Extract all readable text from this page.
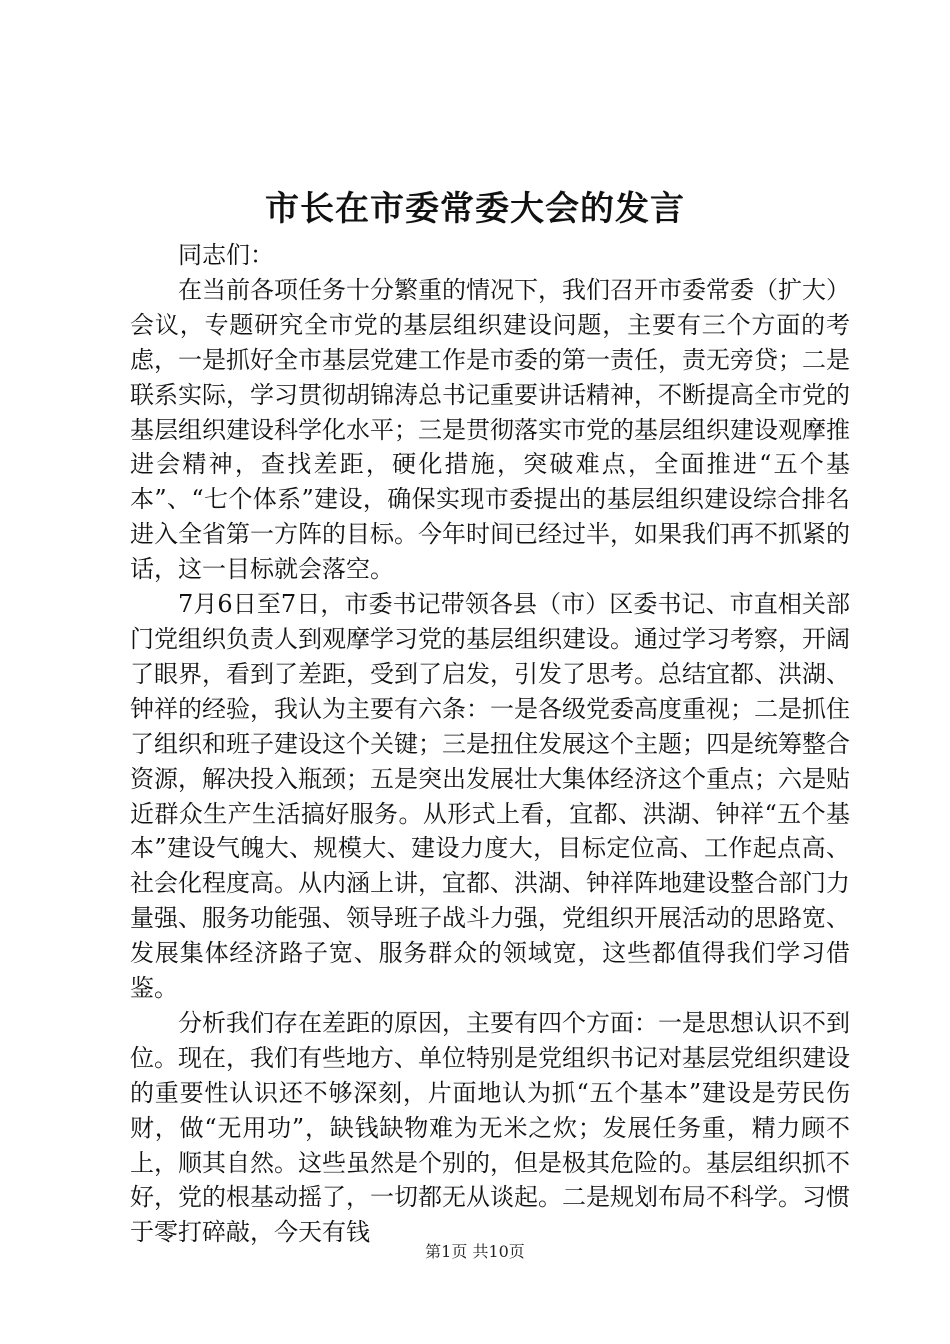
市长在市委常委大会的发言

同志们：

在当前各项任务十分繁重的情况下，我们召开市委常委（扩大）会议，专题研究全市党的基层组织建设问题，主要有三个方面的考虑，一是抓好全市基层党建工作是市委的第一责任，责无旁贷；二是联系实际，学习贯彻胡锦涛总书记重要讲话精神，不断提高全市党的基层组织建设科学化水平；三是贯彻落实市党的基层组织建设观摩推进会精神，查找差距，硬化措施，突破难点，全面推进“五个基本”、“七个体系”建设，确保实现市委提出的基层组织建设综合排名进入全省第一方阵的目标。今年时间已经过半，如果我们再不抓紧的话，这一目标就会落空。

7月6日至7日，市委书记带领各县（市）区委书记、市直相关部门党组织负责人到观摩学习党的基层组织建设。通过学习考察，开阔了眼界，看到了差距，受到了启发，引发了思考。总结宜都、洪湖、钟祥的经验，我认为主要有六条：一是各级党委高度重视；二是抓住了组织和班子建设这个关键；三是扭住发展这个主题；四是统筹整合资源，解决投入瓶颈；五是突出发展壮大集体经济这个重点；六是贴近群众生产生活搞好服务。从形式上看，宜都、洪湖、钟祥“五个基本”建设气魄大、规模大、建设力度大，目标定位高、工作起点高、社会化程度高。从内涵上讲，宜都、洪湖、钟祥阵地建设整合部门力量强、服务功能强、领导班子战斗力强，党组织开展活动的思路宽、发展集体经济路子宽、服务群众的领域宽，这些都值得我们学习借鉴。

分析我们存在差距的原因，主要有四个方面：一是思想认识不到位。现在，我们有些地方、单位特别是党组织书记对基层党组织建设的重要性认识还不够深刻，片面地认为抓“五个基本”建设是劳民伤财，做“无用功”，缺钱缺物难为无米之炊；发展任务重，精力顾不上，顺其自然。这些虽然是个别的，但是极其危险的。基层组织抓不好，党的根基动摇了，一切都无从谈起。二是规划布局不科学。习惯于零打碎敲，今天有钱

第1页 共10页
